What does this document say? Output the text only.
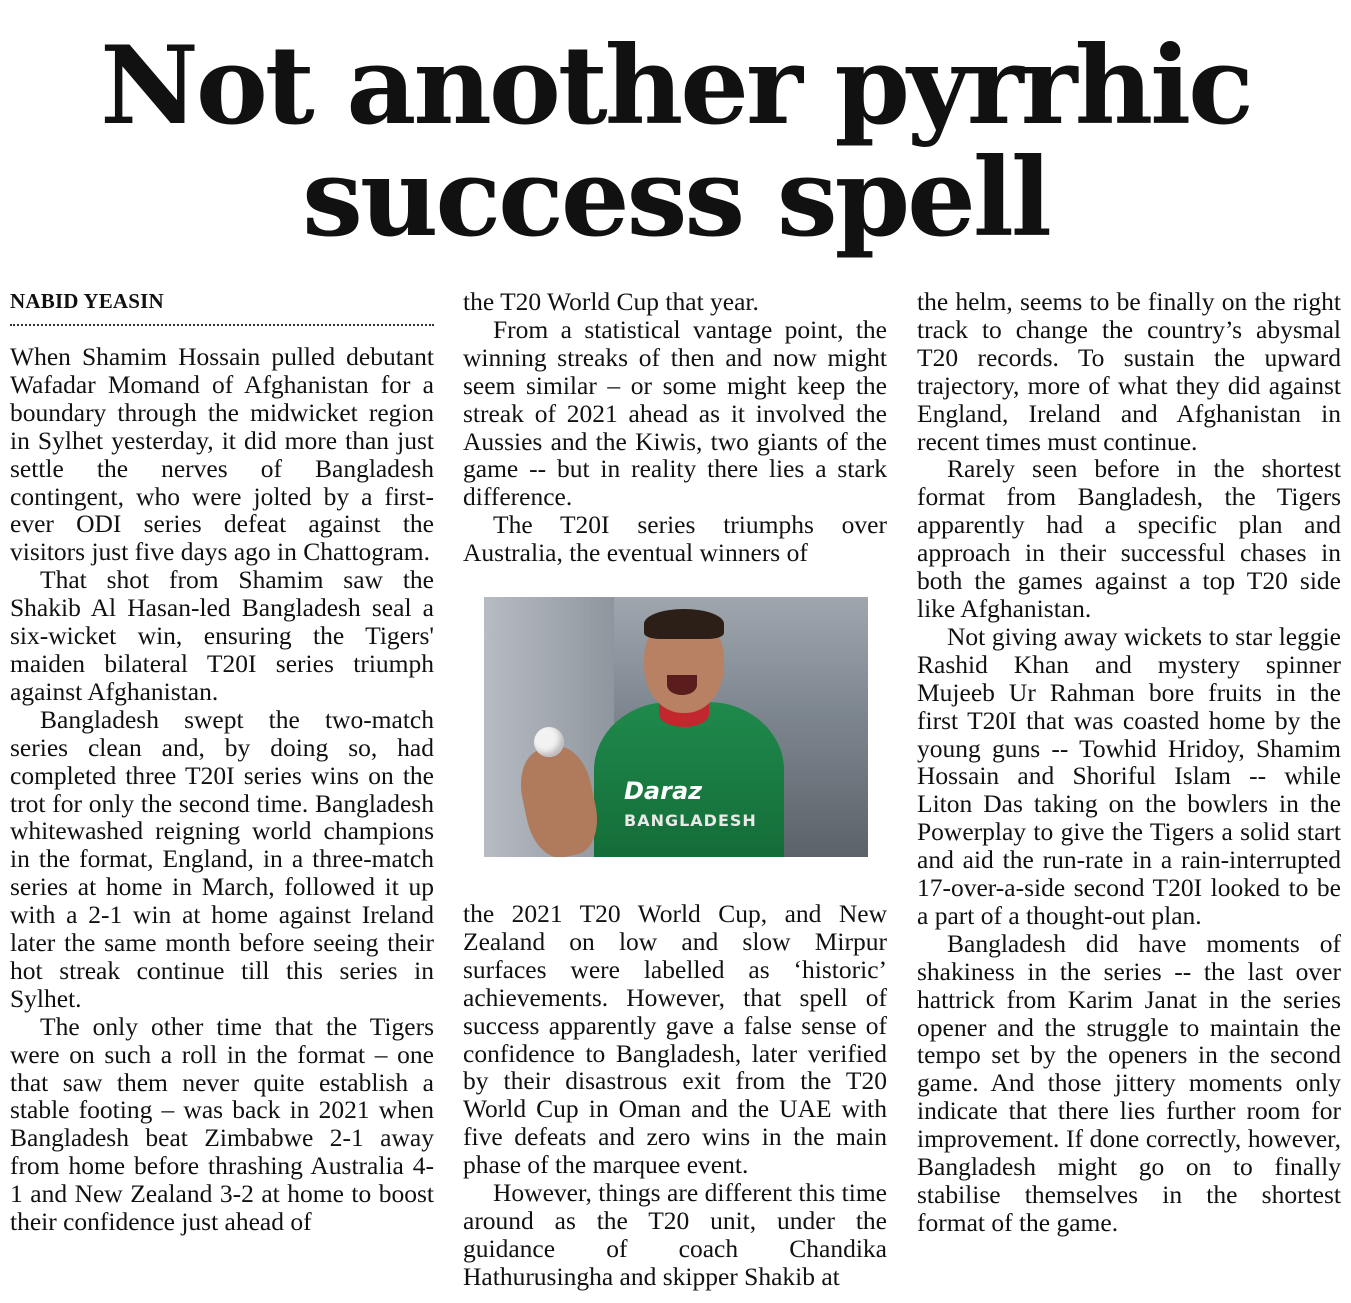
Not another pyrrhic
success spell
NABID YEASIN

When Shamim Hossain pulled debutant Wafadar Momand of Afghanistan for a boundary through the midwicket region in Sylhet yesterday, it did more than just settle the nerves of Bangladesh contingent, who were jolted by a first-ever ODI series defeat against the visitors just five days ago in Chattogram.

That shot from Shamim saw the Shakib Al Hasan-led Bangladesh seal a six-wicket win, ensuring the Tigers' maiden bilateral T20I series triumph against Afghanistan.

Bangladesh swept the two-match series clean and, by doing so, had completed three T20I series wins on the trot for only the second time. Bangladesh whitewashed reigning world champions in the format, England, in a three-match series at home in March, followed it up with a 2-1 win at home against Ireland later the same month before seeing their hot streak continue till this series in Sylhet.

The only other time that the Tigers were on such a roll in the format – one that saw them never quite establish a stable footing – was back in 2021 when Bangladesh beat Zimbabwe 2-1 away from home before thrashing Australia 4-1 and New Zealand 3-2 at home to boost their confidence just ahead of

the T20 World Cup that year.

From a statistical vantage point, the winning streaks of then and now might seem similar – or some might keep the streak of 2021 ahead as it involved the Aussies and the Kiwis, two giants of the game -- but in reality there lies a stark difference.

The T20I series triumphs over Australia, the eventual winners of

Daraz
BANGLADESH

the 2021 T20 World Cup, and New Zealand on low and slow Mirpur surfaces were labelled as ‘historic’ achievements. However, that spell of success apparently gave a false sense of confidence to Bangladesh, later verified by their disastrous exit from the T20 World Cup in Oman and the UAE with five defeats and zero wins in the main phase of the marquee event.

However, things are different this time around as the T20 unit, under the guidance of coach Chandika Hathurusingha and skipper Shakib at

the helm, seems to be finally on the right track to change the country’s abysmal T20 records. To sustain the upward trajectory, more of what they did against England, Ireland and Afghanistan in recent times must continue.

Rarely seen before in the shortest format from Bangladesh, the Tigers apparently had a specific plan and approach in their successful chases in both the games against a top T20 side like Afghanistan.

Not giving away wickets to star leggie Rashid Khan and mystery spinner Mujeeb Ur Rahman bore fruits in the first T20I that was coasted home by the young guns -- Towhid Hridoy, Shamim Hossain and Shoriful Islam -- while Liton Das taking on the bowlers in the Powerplay to give the Tigers a solid start and aid the run-rate in a rain-interrupted 17-over-a-side second T20I looked to be a part of a thought-out plan.

Bangladesh did have moments of shakiness in the series -- the last over hattrick from Karim Janat in the series opener and the struggle to maintain the tempo set by the openers in the second game. And those jittery moments only indicate that there lies further room for improvement. If done correctly, however, Bangladesh might go on to finally stabilise themselves in the shortest format of the game.
